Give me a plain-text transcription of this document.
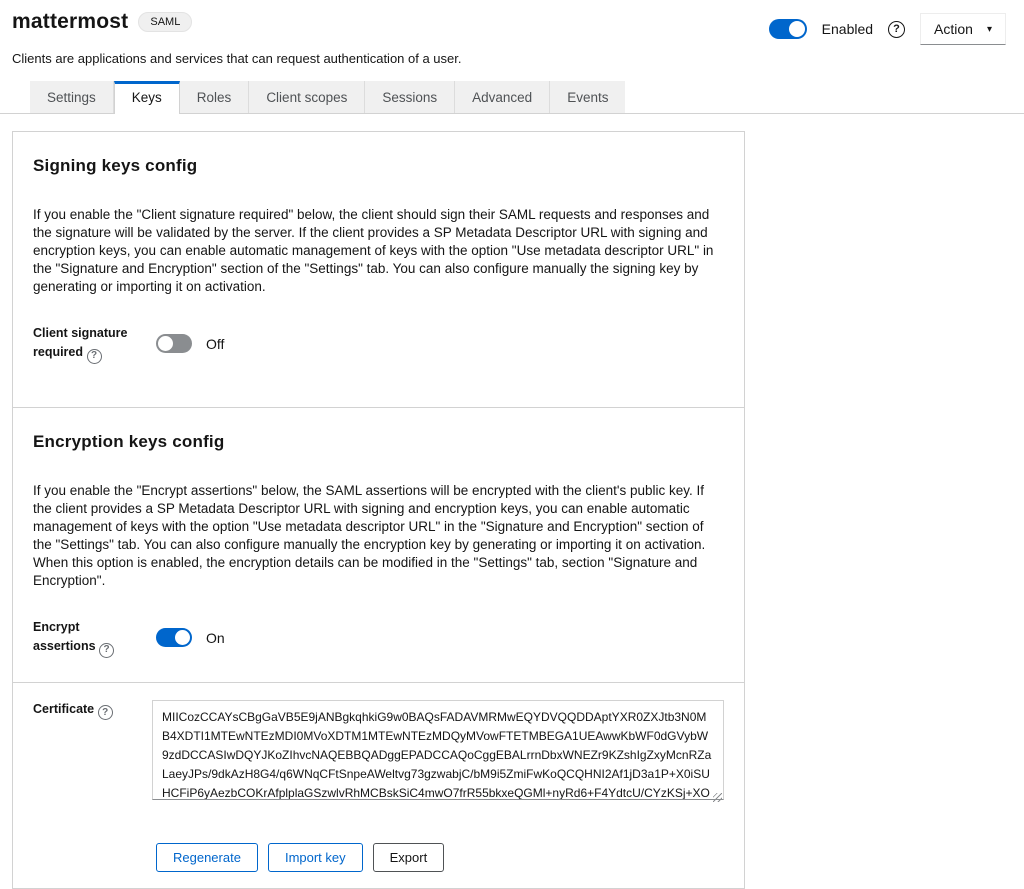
mattermost	SAML	Enabled	?	Action ▾
Clients are applications and services that can request authentication of a user.
Settings	Keys	Roles	Client scopes	Sessions	Advanced	Events
Signing keys config
If you enable the "Client signature required" below, the client should sign their SAML requests and responses and the signature will be validated by the server. If the client provides a SP Metadata Descriptor URL with signing and encryption keys, you can enable automatic management of keys with the option "Use metadata descriptor URL" in the "Signature and Encryption" section of the "Settings" tab. You can also configure manually the signing key by generating or importing it on activation.
Client signature required ?
Off
Encryption keys config
If you enable the "Encrypt assertions" below, the SAML assertions will be encrypted with the client's public key. If the client provides a SP Metadata Descriptor URL with signing and encryption keys, you can enable automatic management of keys with the option "Use metadata descriptor URL" in the "Signature and Encryption" section of the "Settings" tab. You can also configure manually the encryption key by generating or importing it on activation. When this option is enabled, the encryption details can be modified in the "Settings" tab, section "Signature and Encryption".
Encrypt assertions ?
On
Certificate ?
MIICozCCAYsCBgGaVB5E9jANBgkqhkiG9w0BAQsFADAVMRMwEQYDVQQDDAptYXR0ZXJtb3N0MB4XDTI1MTEwNTEzMDI0MVoXDTM1MTEwNTEzMDQyMVowFTETMBEGA1UEAwwKbWF0dGVybW9zdDCCASIwDQYJKoZIhvcNAQEBBQADggEPADCCAQoCggEBALrrnDbxWNEZr9KZshIgZxyMcnRZaLaeyJPs/9dkAzH8G4/q6WNqCFtSnpeAWeltvg73gzwabjC/bM9i5ZmiFwKoQCQHNI2Af1jD3a1P+X0iSUHCFiP6yAezbCOKrAfplplaGSzwlvRhMCBskSiC4mwO7frR55bkxeQGMl+nyRd6+F4YdtcU/CYzKSj+XOAioxiocBAwIDAQAB
Regenerate	Import key	Export
